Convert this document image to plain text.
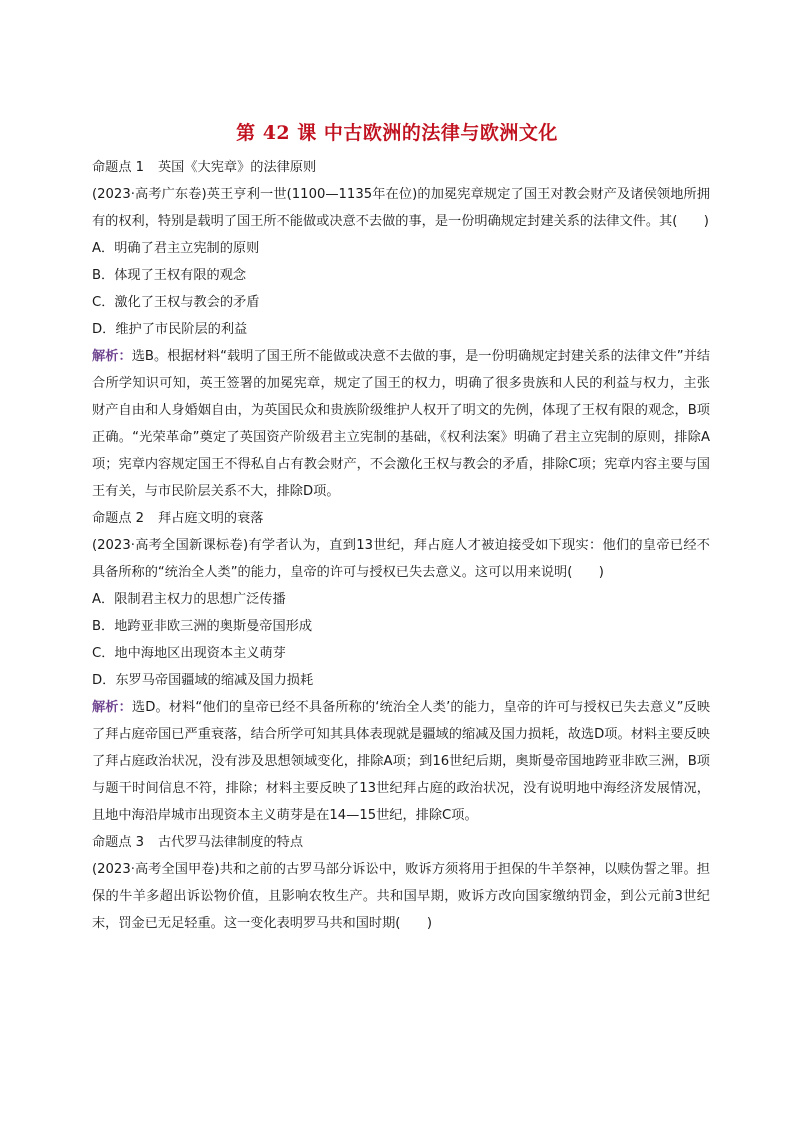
第 42 课 中古欧洲的法律与欧洲文化

命题点 1 英国《大宪章》的法律原则

(2023·高考广东卷)英王亨利一世(1100—1135年在位)的加冕宪章规定了国王对教会财产及诸侯领地所拥有的权利，特别是载明了国王所不能做或决意不去做的事，是一份明确规定封建关系的法律文件。其(　　)

A．明确了君主立宪制的原则

B．体现了王权有限的观念

C．激化了王权与教会的矛盾

D．维护了市民阶层的利益

解析：选B。根据材料“载明了国王所不能做或决意不去做的事，是一份明确规定封建关系的法律文件”并结合所学知识可知，英王签署的加冕宪章，规定了国王的权力，明确了很多贵族和人民的利益与权力，主张财产自由和人身婚姻自由，为英国民众和贵族阶级维护人权开了明文的先例，体现了王权有限的观念，B项正确。“光荣革命”奠定了英国资产阶级君主立宪制的基础，《权利法案》明确了君主立宪制的原则，排除A项；宪章内容规定国王不得私自占有教会财产，不会激化王权与教会的矛盾，排除C项；宪章内容主要与国王有关，与市民阶层关系不大，排除D项。

命题点 2 拜占庭文明的衰落

(2023·高考全国新课标卷)有学者认为，直到13世纪，拜占庭人才被迫接受如下现实：他们的皇帝已经不具备所称的“统治全人类”的能力，皇帝的许可与授权已失去意义。这可以用来说明(　　)

A．限制君主权力的思想广泛传播

B．地跨亚非欧三洲的奥斯曼帝国形成

C．地中海地区出现资本主义萌芽

D．东罗马帝国疆域的缩减及国力损耗

解析：选D。材料“他们的皇帝已经不具备所称的‘统治全人类’的能力，皇帝的许可与授权已失去意义”反映了拜占庭帝国已严重衰落，结合所学可知其具体表现就是疆域的缩减及国力损耗，故选D项。材料主要反映了拜占庭政治状况，没有涉及思想领域变化，排除A项；到16世纪后期，奥斯曼帝国地跨亚非欧三洲，B项与题干时间信息不符，排除；材料主要反映了13世纪拜占庭的政治状况，没有说明地中海经济发展情况，且地中海沿岸城市出现资本主义萌芽是在14—15世纪，排除C项。

命题点 3 古代罗马法律制度的特点

(2023·高考全国甲卷)共和之前的古罗马部分诉讼中，败诉方须将用于担保的牛羊祭神，以赎伪誓之罪。担保的牛羊多超出诉讼物价值，且影响农牧生产。共和国早期，败诉方改向国家缴纳罚金，到公元前3世纪末，罚金已无足轻重。这一变化表明罗马共和国时期(　　)
